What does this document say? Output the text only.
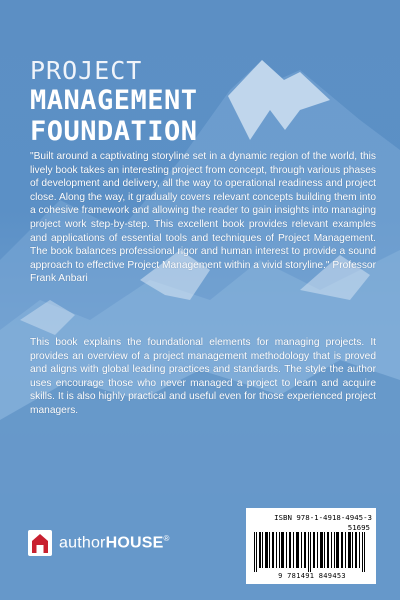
PROJECT
MANAGEMENT
FOUNDATION

"Built around a captivating storyline set in a dynamic region of the world, this lively book takes an interesting project from concept, through various phases of development and delivery, all the way to operational readiness and project close. Along the way, it gradually covers relevant concepts building them into a cohesive framework and allowing the reader to gain insights into managing project work step-by-step. This excellent book provides relevant examples and applications of essential tools and techniques of Project Management. The book balances professional rigor and human interest to provide a sound approach to effective Project Management within a vivid storyline." Professor Frank Anbari

This book explains the foundational elements for managing projects. It provides an overview of a project management methodology that is proved and aligns with global leading practices and standards. The style the author uses encourage those who never managed a project to learn and acquire skills. It is also highly practical and useful even for those experienced project managers.

authorHOUSE®
ISBN 978-1-4918-4945-3
51695
9 781491 849453
